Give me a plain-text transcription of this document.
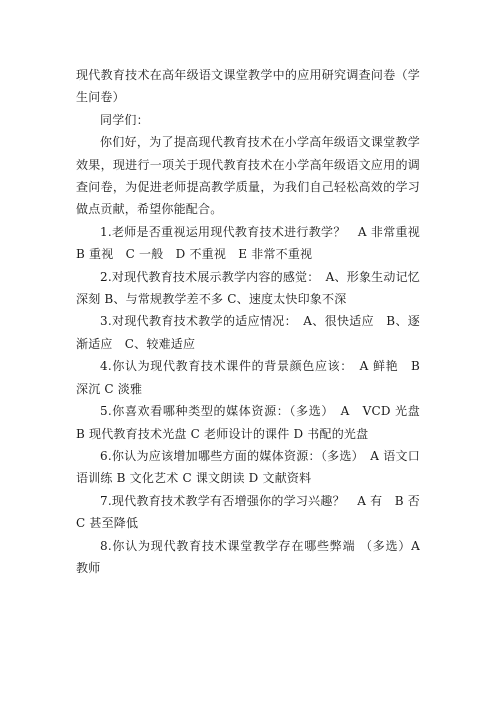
现代教育技术在高年级语文课堂教学中的应用研究调查问卷（学生问卷）

同学们：

你们好，为了提高现代教育技术在小学高年级语文课堂教学效果，现进行一项关于现代教育技术在小学高年级语文应用的调查问卷，为促进老师提高教学质量，为我们自己轻松高效的学习做点贡献，希望你能配合。

1.老师是否重视运用现代教育技术进行教学？　A 非常重视 B 重视　C 一般　D 不重视　E 非常不重视

2.对现代教育技术展示教学内容的感觉：　A、形象生动记忆深刻 B、与常规教学差不多 C、速度太快印象不深

3.对现代教育技术教学的适应情况：　A、很快适应　B、逐渐适应　C、较难适应

4.你认为现代教育技术课件的背景颜色应该：　A 鲜艳　B 深沉 C 淡雅

5.你喜欢看哪种类型的媒体资源：（多选）　A　VCD 光盘　B 现代教育技术光盘 C 老师设计的课件 D 书配的光盘

6.你认为应该增加哪些方面的媒体资源：（多选）　A 语文口语训练 B 文化艺术 C 课文朗读 D 文献资料

7.现代教育技术教学有否增强你的学习兴趣？　A 有　B 否　C 甚至降低

8.你认为现代教育技术课堂教学存在哪些弊端 （多选）A 教师
